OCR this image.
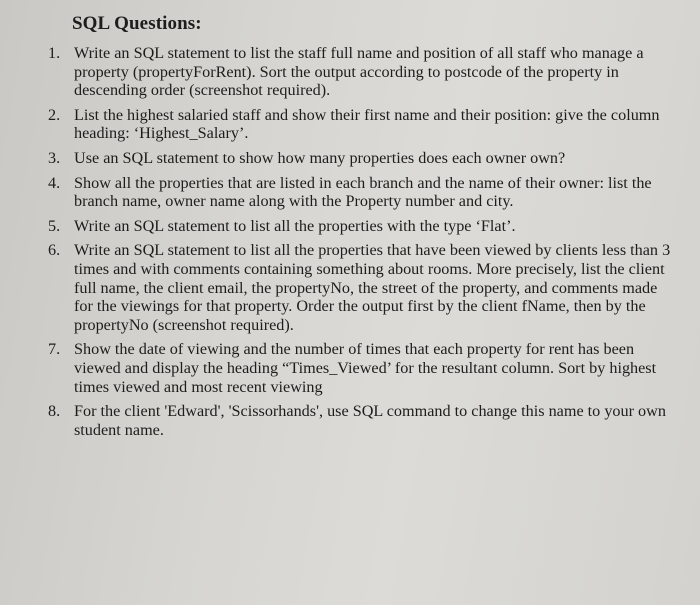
SQL Questions:
1. Write an SQL statement to list the staff full name and position of all staff who manage a property (propertyForRent). Sort the output according to postcode of the property in descending order (screenshot required).
2. List the highest salaried staff and show their first name and their position: give the column heading: ‘Highest_Salary’.
3. Use an SQL statement to show how many properties does each owner own?
4. Show all the properties that are listed in each branch and the name of their owner: list the branch name, owner name along with the Property number and city.
5. Write an SQL statement to list all the properties with the type ‘Flat’.
6. Write an SQL statement to list all the properties that have been viewed by clients less than 3 times and with comments containing something about rooms. More precisely, list the client full name, the client email, the propertyNo, the street of the property, and comments made for the viewings for that property. Order the output first by the client fName, then by the propertyNo (screenshot required).
7. Show the date of viewing and the number of times that each property for rent has been viewed and display the heading “Times_Viewed’ for the resultant column. Sort by highest times viewed and most recent viewing
8. For the client 'Edward', 'Scissorhands', use SQL command to change this name to your own student name.
